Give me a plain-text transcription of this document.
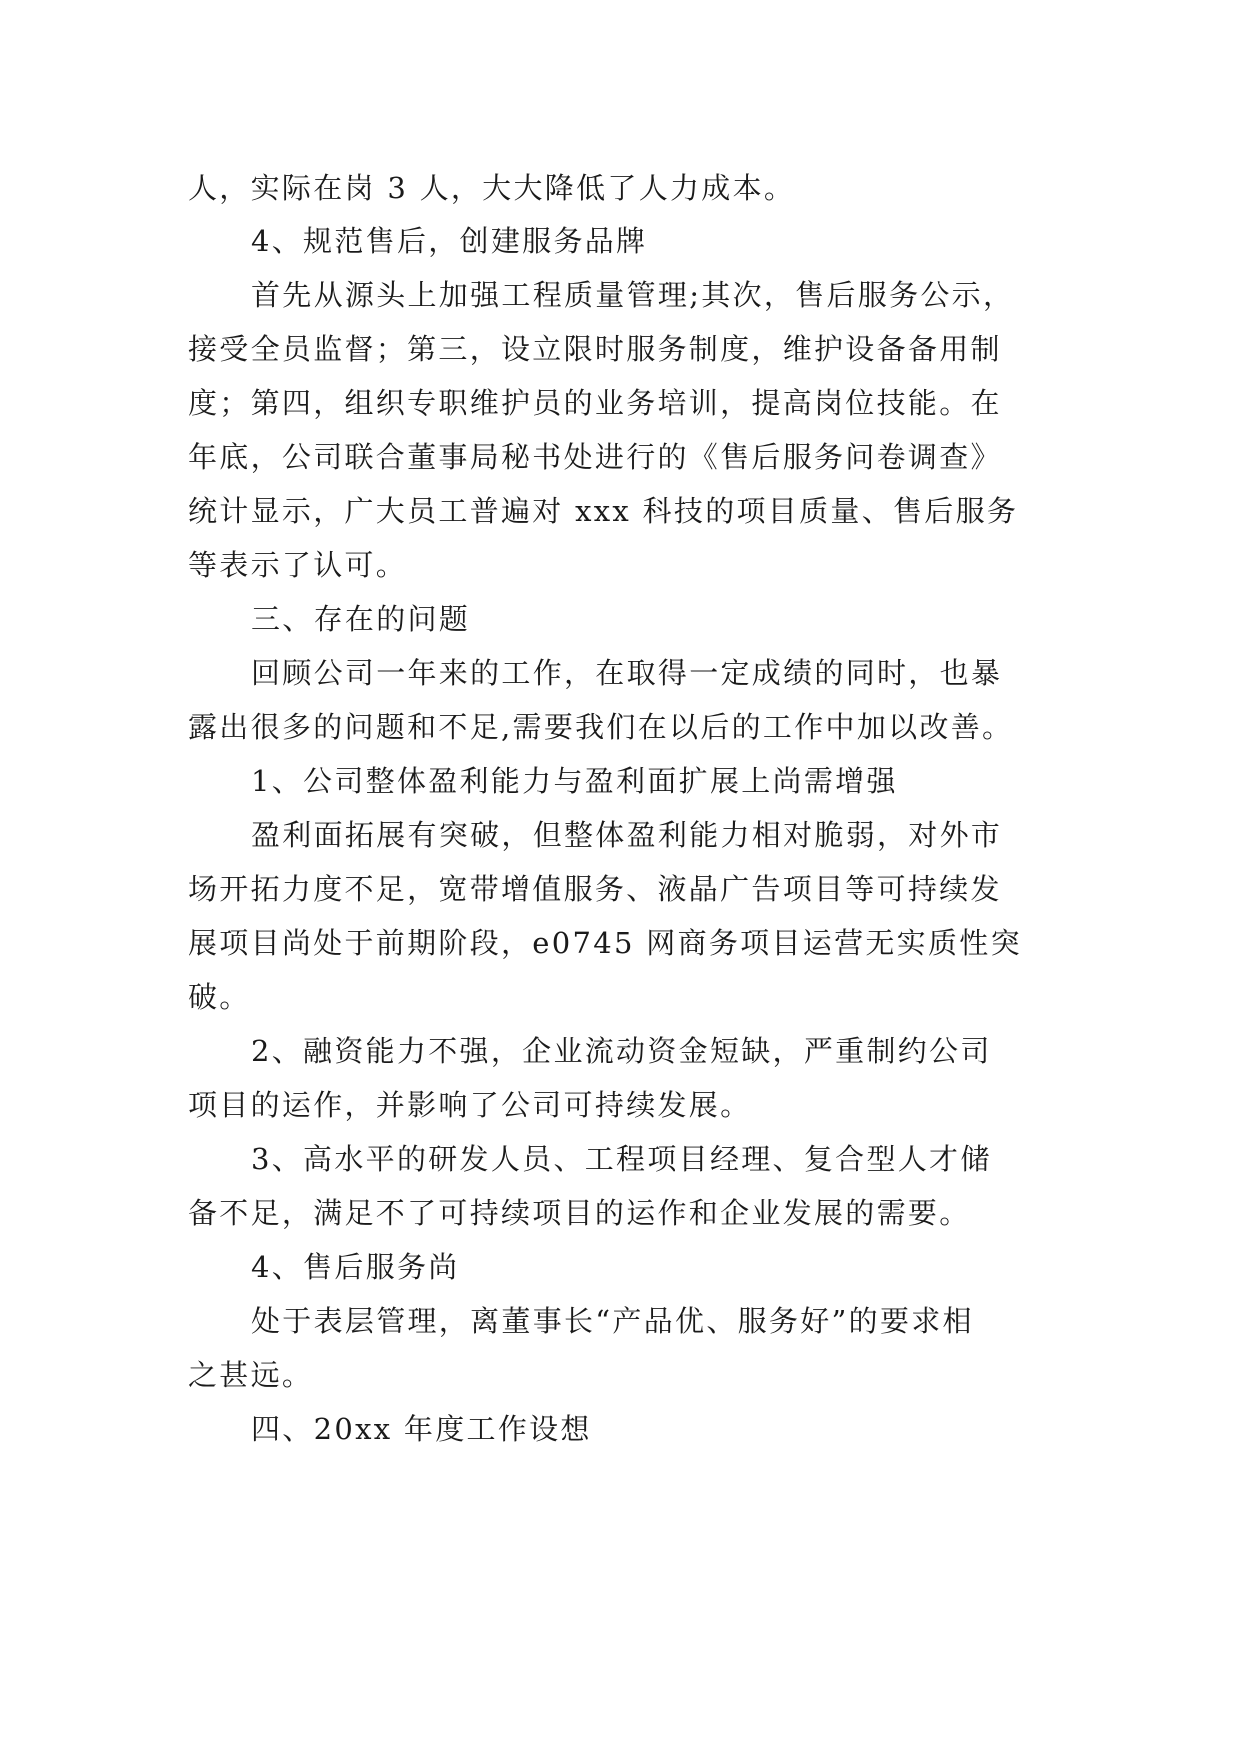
人，实际在岗 3 人，大大降低了人力成本。
4、规范售后，创建服务品牌
首先从源头上加强工程质量管理;其次，售后服务公示，
接受全员监督；第三，设立限时服务制度，维护设备备用制
度；第四，组织专职维护员的业务培训，提高岗位技能。在
年底，公司联合董事局秘书处进行的《售后服务问卷调查》
统计显示，广大员工普遍对 xxx 科技的项目质量、售后服务
等表示了认可。
三、存在的问题
回顾公司一年来的工作，在取得一定成绩的同时，也暴
露出很多的问题和不足,需要我们在以后的工作中加以改善。
1、公司整体盈利能力与盈利面扩展上尚需增强
盈利面拓展有突破，但整体盈利能力相对脆弱，对外市
场开拓力度不足，宽带增值服务、液晶广告项目等可持续发
展项目尚处于前期阶段，e0745 网商务项目运营无实质性突
破。
2、融资能力不强，企业流动资金短缺，严重制约公司
项目的运作，并影响了公司可持续发展。
3、高水平的研发人员、工程项目经理、复合型人才储
备不足，满足不了可持续项目的运作和企业发展的需要。
4、售后服务尚
处于表层管理，离董事长“产品优、服务好”的要求相
之甚远。
四、20xx 年度工作设想
